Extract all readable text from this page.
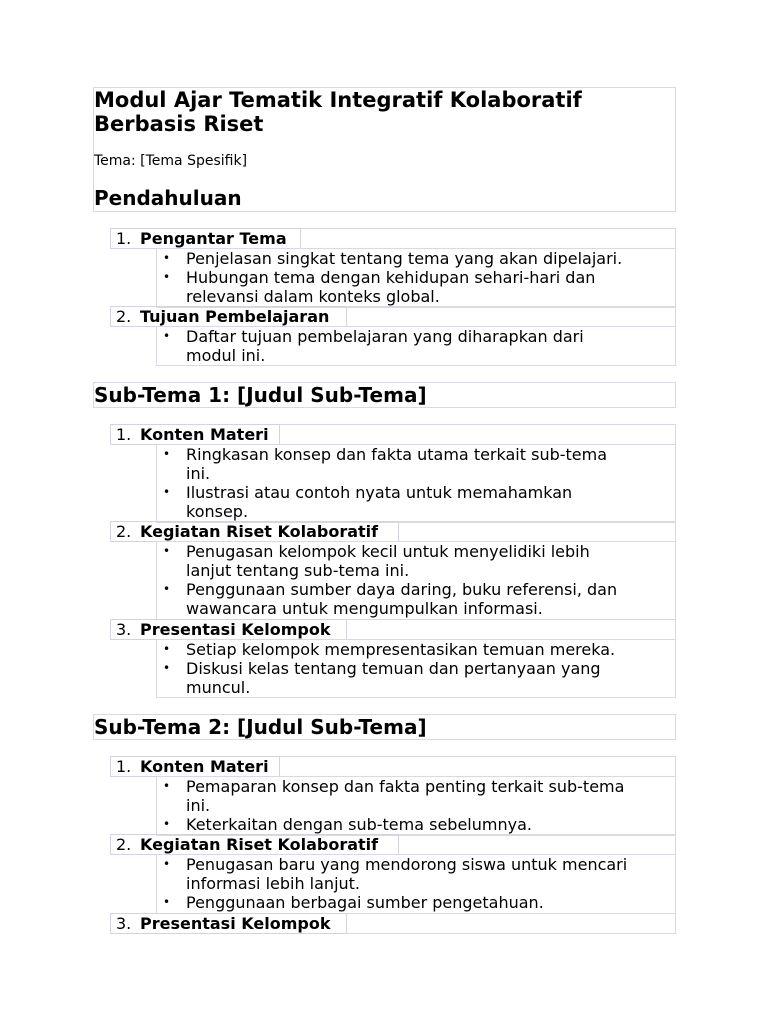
Modul Ajar Tematik Integratif Kolaboratif
Berbasis Riset
Tema: [Tema Spesifik]
Pendahuluan
1. Pengantar Tema
• Penjelasan singkat tentang tema yang akan dipelajari.
• Hubungan tema dengan kehidupan sehari-hari dan
relevansi dalam konteks global.
2. Tujuan Pembelajaran
• Daftar tujuan pembelajaran yang diharapkan dari
modul ini.
Sub-Tema 1: [Judul Sub-Tema]
1. Konten Materi
• Ringkasan konsep dan fakta utama terkait sub-tema
ini.
• Ilustrasi atau contoh nyata untuk memahamkan
konsep.
2. Kegiatan Riset Kolaboratif
• Penugasan kelompok kecil untuk menyelidiki lebih
lanjut tentang sub-tema ini.
• Penggunaan sumber daya daring, buku referensi, dan
wawancara untuk mengumpulkan informasi.
3. Presentasi Kelompok
• Setiap kelompok mempresentasikan temuan mereka.
• Diskusi kelas tentang temuan dan pertanyaan yang
muncul.
Sub-Tema 2: [Judul Sub-Tema]
1. Konten Materi
• Pemaparan konsep dan fakta penting terkait sub-tema
ini.
• Keterkaitan dengan sub-tema sebelumnya.
2. Kegiatan Riset Kolaboratif
• Penugasan baru yang mendorong siswa untuk mencari
informasi lebih lanjut.
• Penggunaan berbagai sumber pengetahuan.
3. Presentasi Kelompok
